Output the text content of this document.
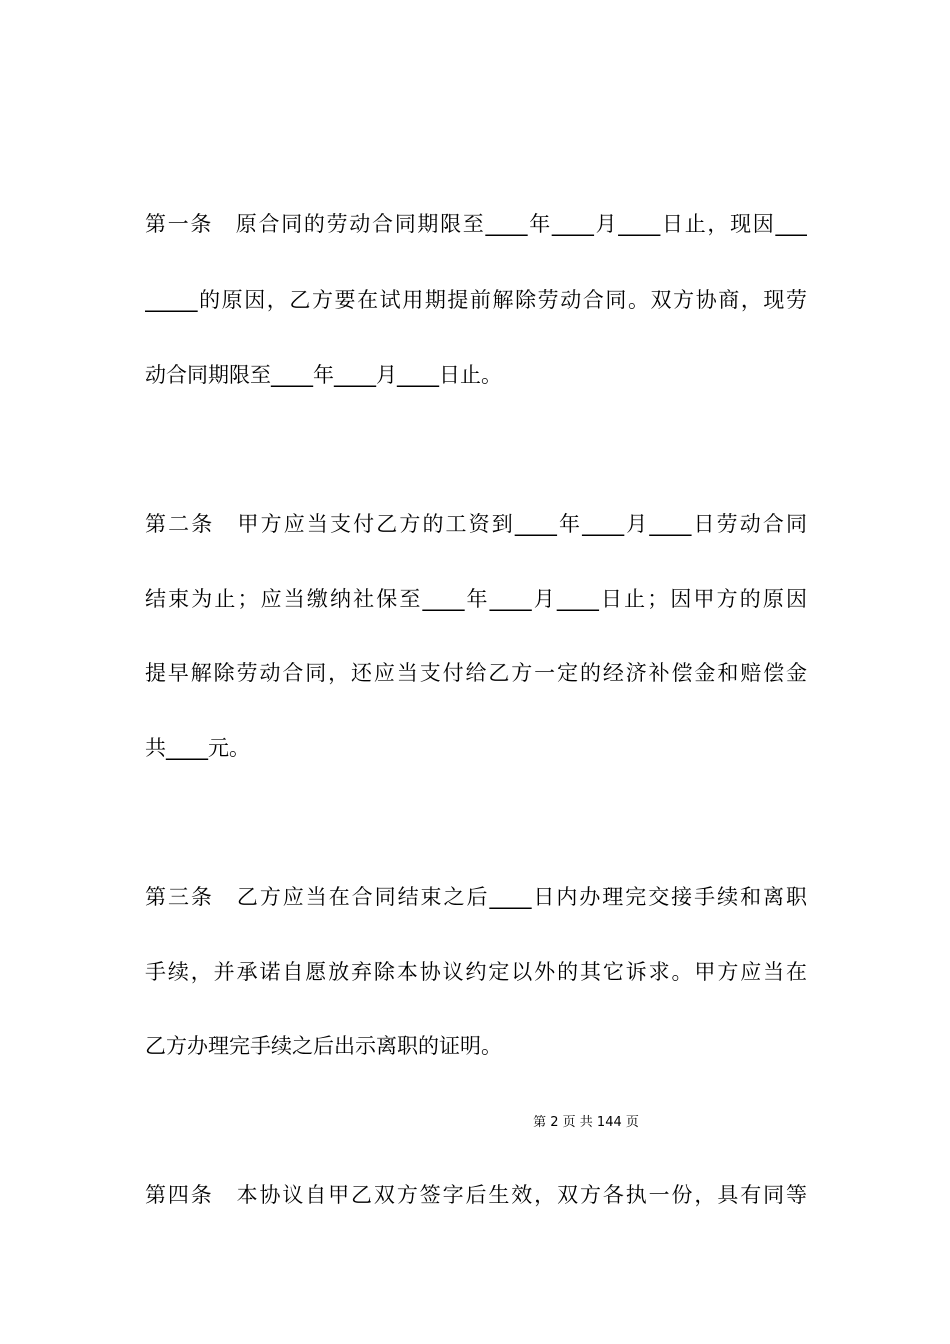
第一条　原合同的劳动合同期限至____年____月____日止，现因___
_____的原因，乙方要在试用期提前解除劳动合同。双方协商，现劳
动合同期限至____年____月____日止。
第二条　甲方应当支付乙方的工资到____年____月____日劳动合同
结束为止；应当缴纳社保至____年____月____日止；因甲方的原因
提早解除劳动合同，还应当支付给乙方一定的经济补偿金和赔偿金
共____元。
第三条　乙方应当在合同结束之后____日内办理完交接手续和离职
手续，并承诺自愿放弃除本协议约定以外的其它诉求。甲方应当在
乙方办理完手续之后出示离职的证明。
第 2 页 共 144 页
第四条　本协议自甲乙双方签字后生效，双方各执一份，具有同等
